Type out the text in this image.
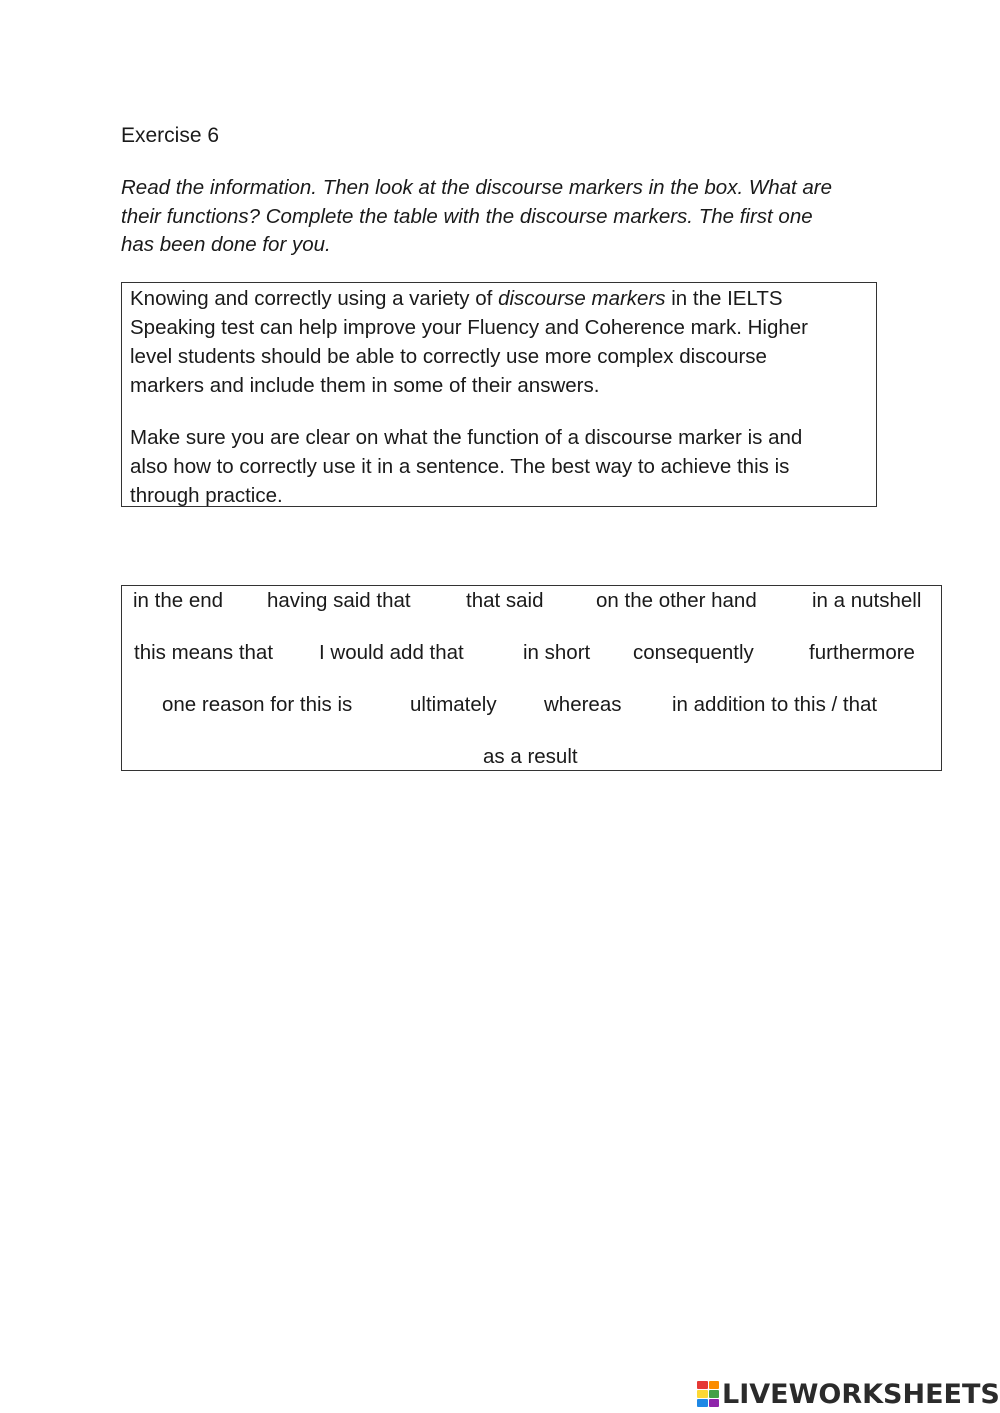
Exercise 6
Read the information. Then look at the discourse markers in the box. What are
their functions? Complete the table with the discourse markers. The first one
has been done for you.

Knowing and correctly using a variety of discourse markers in the IELTS
Speaking test can help improve your Fluency and Coherence mark. Higher
level students should be able to correctly use more complex discourse
markers and include them in some of their answers.

Make sure you are clear on what the function of a discourse marker is and
also how to correctly use it in a sentence. The best way to achieve this is
through practice.

in the end having said that	that said	on the other hand	in a nutshell
this means that I would add that	in short consequently	furthermore
one reason for this is	ultimately whereas in addition to this / that
as a result
LIVEWORKSHEETS
